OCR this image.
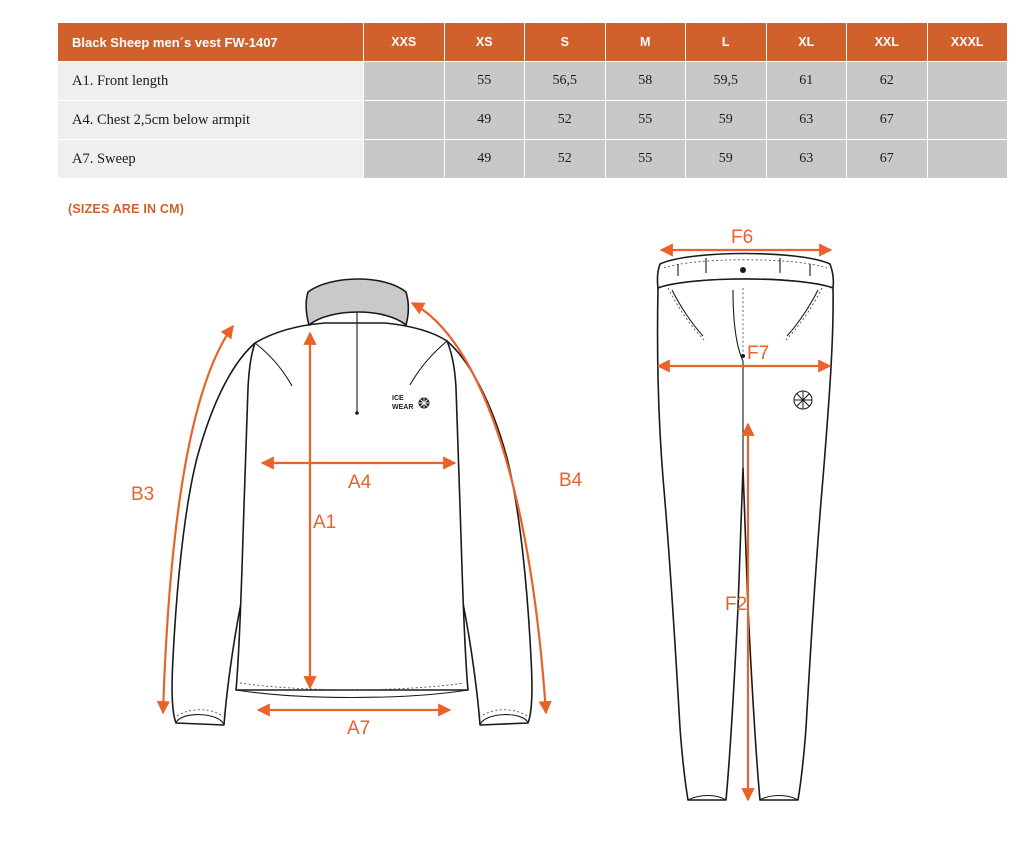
Black Sheep men´s vest FW-1407	XXS	XS	S	M	L	XL	XXL	XXXL
A1. Front length		55	56,5	58	59,5	61	62	
A4. Chest 2,5cm below armpit		49	52	55	59	63	67	
A7. Sweep		49	52	55	59	63	67	
(SIZES ARE IN CM)
ICE
WEAR
B3
B4
A4
A1
A7
F6
F7
F2
